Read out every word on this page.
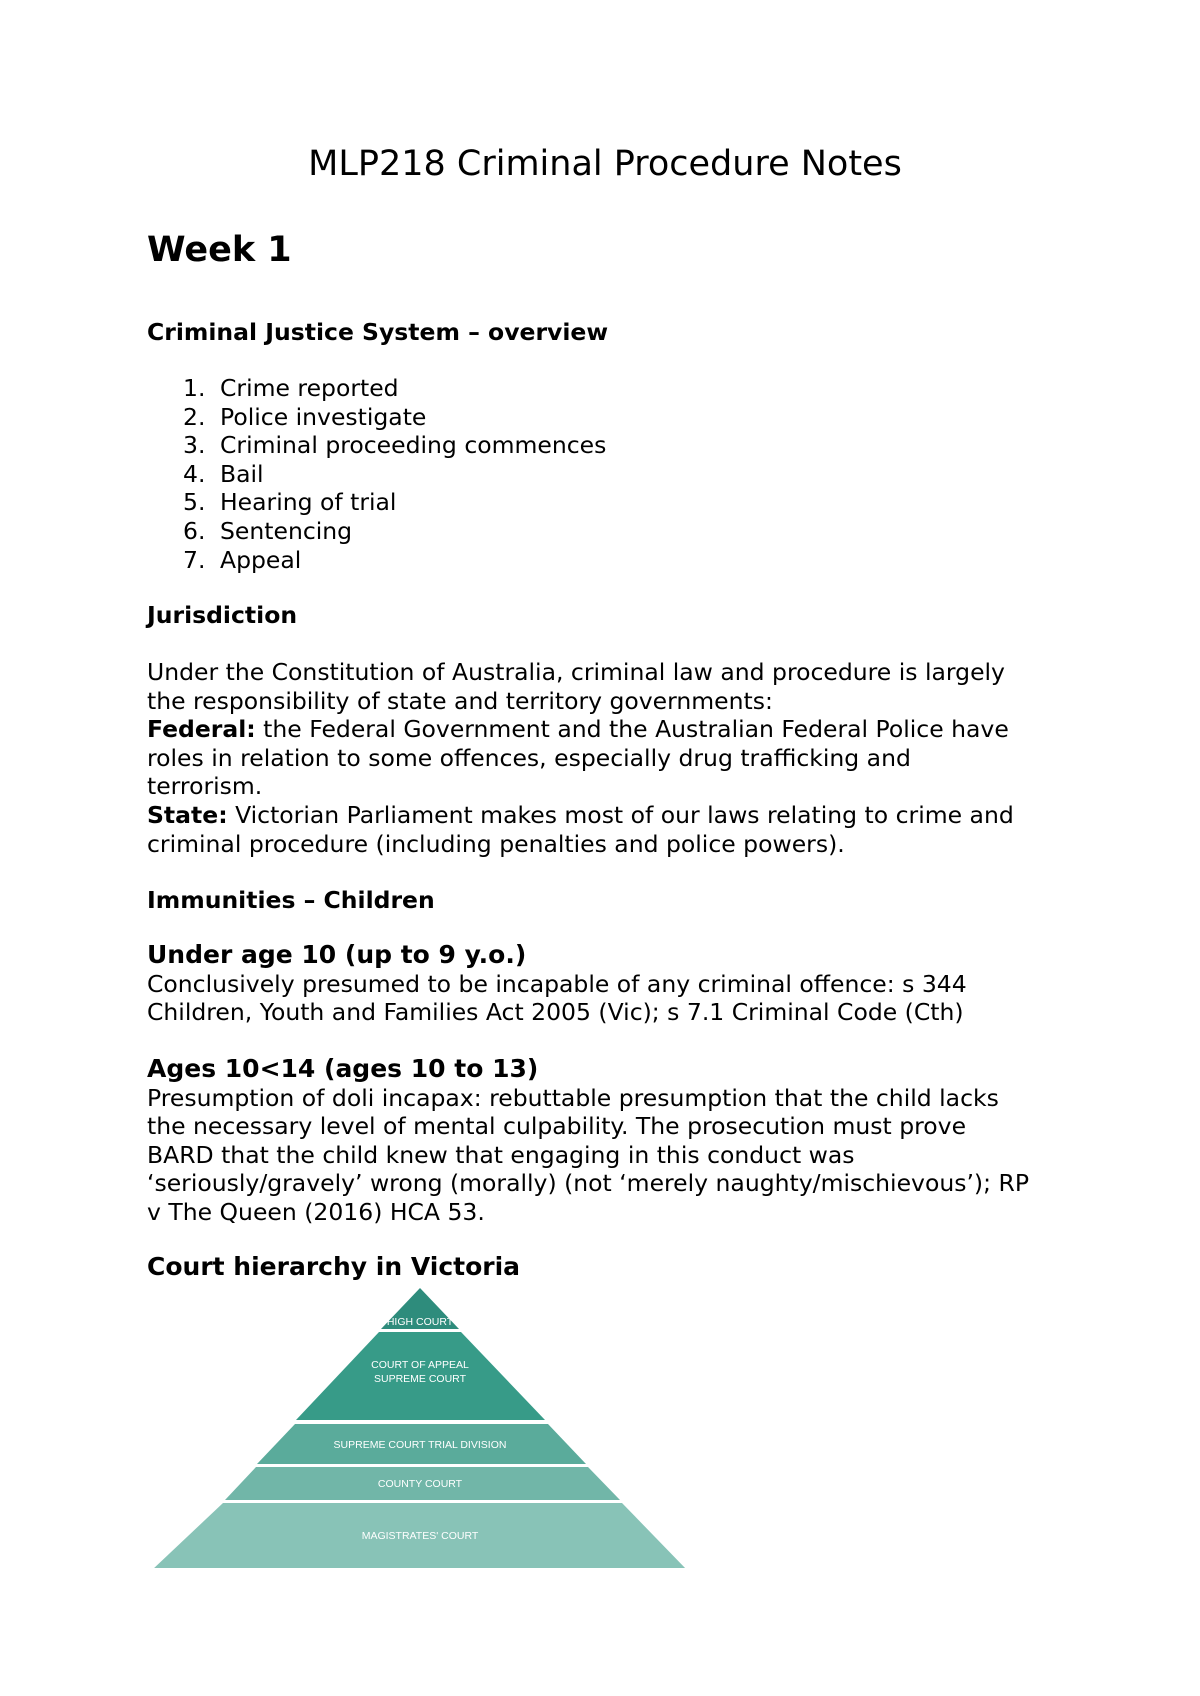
MLP218 Criminal Procedure Notes
Week 1
Criminal Justice System – overview
1. Crime reported
2. Police investigate
3. Criminal proceeding commences
4. Bail
5. Hearing of trial
6. Sentencing
7. Appeal
Jurisdiction

Under the Constitution of Australia, criminal law and procedure is largely

the responsibility of state and territory governments:

Federal: the Federal Government and the Australian Federal Police have

roles in relation to some offences, especially drug trafficking and

terrorism.

State: Victorian Parliament makes most of our laws relating to crime and

criminal procedure (including penalties and police powers).

Immunities – Children

Under age 10 (up to 9 y.o.)

Conclusively presumed to be incapable of any criminal offence: s 344

Children, Youth and Families Act 2005 (Vic); s 7.1 Criminal Code (Cth)

Ages 10<14 (ages 10 to 13)

Presumption of doli incapax: rebuttable presumption that the child lacks

the necessary level of mental culpability. The prosecution must prove

BARD that the child knew that engaging in this conduct was

‘seriously/gravely’ wrong (morally) (not ‘merely naughty/mischievous’); RP

v The Queen (2016) HCA 53.

Court hierarchy in Victoria
HIGH COURT
COURT OF APPEAL
SUPREME COURT
SUPREME COURT TRIAL DIVISION
COUNTY COURT
MAGISTRATES' COURT
